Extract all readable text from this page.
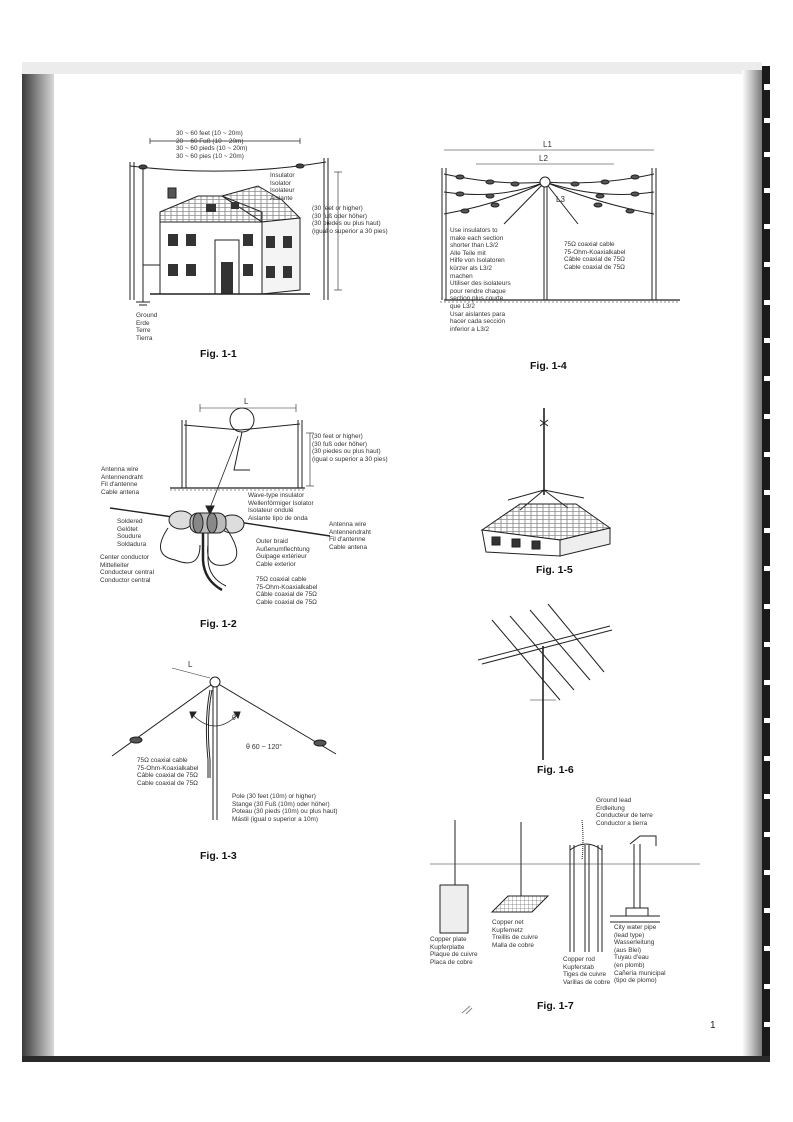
30 ~ 60 feet (10 ~ 20m)
20 ~ 60 Fuß (10 ~ 20m)
30 ~ 60 pieds (10 ~ 20m)
30 ~ 60 pies (10 ~ 20m)
Insulator
Isolator
Isolateur
Aislante
(30 feet or higher)
(30 fuß oder höher)
(30 piedes ou plus haut)
(igual o superior a 30 pies)
Ground
Erde
Terre
Tierra
Fig. 1-1
L
(30 feet or higher)
(30 fuß oder höher)
(30 piedes ou plus haut)
(igual o superior a 30 pies)
Antenna wire
Antennendraht
Fil d'antenne
Cable antena	Wave-type insulator
Wellenförmiger Isolator
Isolateur ondulé
Aislante tipo de onda
Soldered
Gelötet
Soudure
Soldadura
Antenna wire
Antennendraht
Fil d'antenne
Cable antena
Outer braid
Außenumflechtung
Guipage extérieur
Cable exterior
Center conductor
Mittelleiter
Conducteur central
Conductor central	75Ω coaxial cable
75-Ohm-Koaxialkabel
Câble coaxial de 75Ω
Cable coaxial de 75Ω
Fig. 1-2
L
θ
θ 60 ~ 120°
75Ω coaxial cable
75-Ohm-Koaxialkabel
Câble coaxial de 75Ω
Cable coaxial de 75Ω
Pole (30 feet (10m) or higher)
Stange (30 Fuß (10m) oder höher)
Poteau (30 pieds (10m) ou plus haut)
Mástil (igual o superior a 10m)
Fig. 1-3
L1
L2
L3
Use insulators to
make each section
shorter than L3/2
Alle Teile mit
Hilfe von Isolatoren
kürzer als L3/2
machen
Utiliser des isolateurs
pour rendre chaque
section plus courte
que L3/2
Usar aislantes para
hacer cada sección
inferior a L3/2
75Ω coaxial cable
75-Ohm-Koaxialkabel
Câble coaxial de 75Ω
Cable coaxial de 75Ω
Fig. 1-4
Fig. 1-5
Fig. 1-6
Ground lead
Erdleitung
Conducteur de terre
Conductor a tierra
Copper plate
Kupferplatte
Plaque de cuivre
Placa de cobre
Copper net
Kupfernetz
Treillis de cuivre
Malla de cobre
Copper rod
Kupferstab
Tiges de cuivre
Varillas de cobre
City water pipe
(lead type)
Wasserleitung
(aus Blei)
Tuyau d'eau
(en plomb)
Cañería municipal
(tipo de plomo)
Fig. 1-7
1
